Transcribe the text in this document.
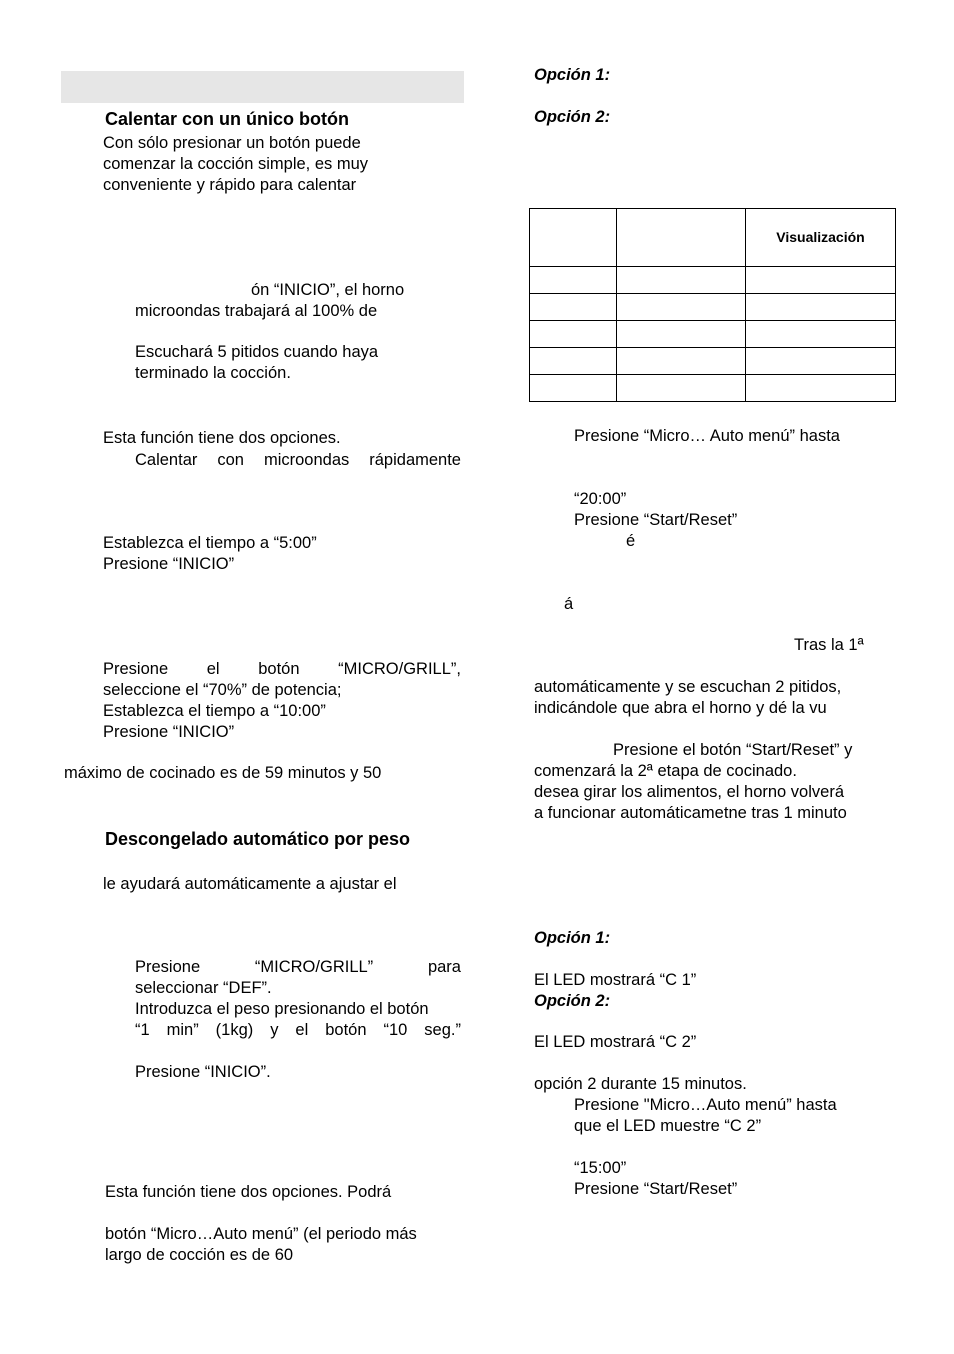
Calentar con un único botón
Con sólo presionar un botón puede
comenzar la cocción simple, es muy
conveniente y rápido para calentar
ón “INICIO”, el horno
microondas trabajará al 100% de
Escuchará 5 pitidos cuando haya
terminado la cocción.
Esta función tiene dos opciones.
Calentar con microondas rápidamente
Establezca el tiempo a “5:00”
Presione “INICIO”
Presione el botón “MICRO/GRILL”,
seleccione el “70%” de potencia;
Establezca el tiempo a “10:00”
Presione “INICIO”
máximo de cocinado es de 59 minutos y 50
Descongelado automático por peso
le ayudará automáticamente a ajustar el
Presione	“MICRO/GRILL”	para
seleccionar “DEF”.
Introduzca el peso presionando el botón
“1 min” (1kg) y el botón “10 seg.”
Presione “INICIO”.
Esta función tiene dos opciones. Podrá
botón “Micro…Auto menú” (el periodo más
largo de cocción es de 60
Opción 1:
Opción 2:
		Visualización

Presione “Micro… Auto menú” hasta
“20:00”
Presione “Start/Reset”
é
á
Tras la 1ª
automáticamente y se escuchan 2 pitidos,
indicándole que abra el horno y dé la vu
Presione el botón “Start/Reset” y
comenzará la 2ª etapa de cocinado.
desea girar los alimentos, el horno volverá
a funcionar automáticametne tras 1 minuto
Opción 1:
El LED mostrará “C 1”
Opción 2:
El LED mostrará “C 2”
opción 2 durante 15 minutos.
Presione "Micro…Auto menú” hasta
que el LED muestre “C 2”
“15:00”
Presione “Start/Reset”
